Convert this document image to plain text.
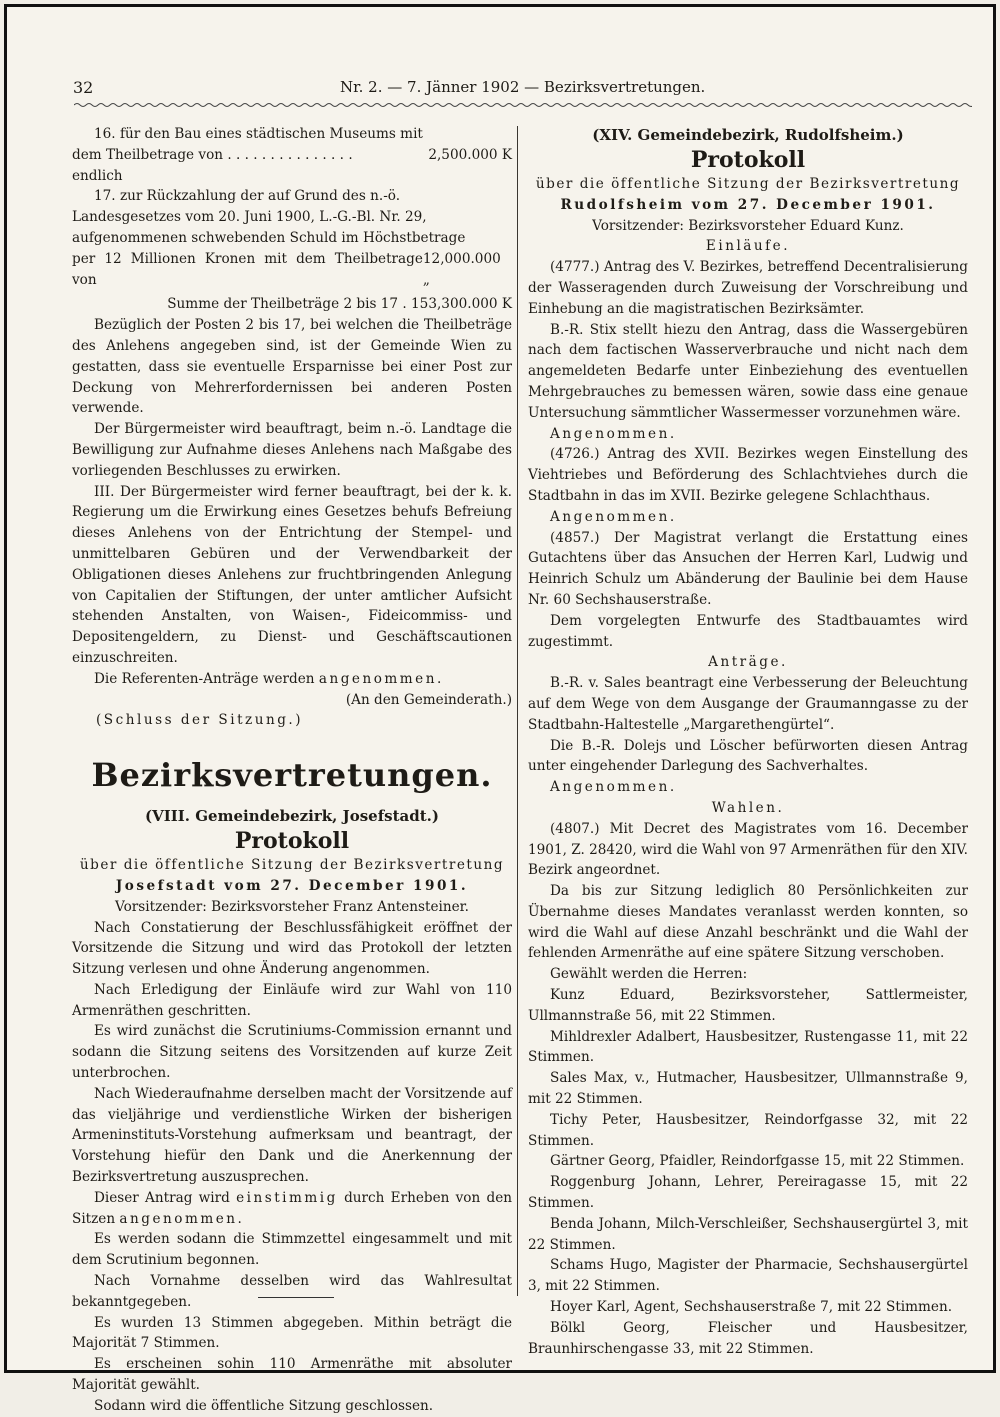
32	Nr. 2. — 7. Jänner 1902 — Bezirksvertretungen.

16. für den Bau eines städtischen Museums mit

dem Theilbetrage von . . . . . . . . . . . . . . .	2,500.000 K

endlich

17. zur Rückzahlung der auf Grund des n.-ö.

Landesgesetzes vom 20. Juni 1900, L.-G.-Bl. Nr. 29,

aufgenommenen schwebenden Schuld im Höchstbetrage

per 12 Millionen Kronen mit dem Theilbetrage von
12,000.000 „

Summe der Theilbeträge 2 bis 17 . 153,300.000 K

Bezüglich der Posten 2 bis 17, bei welchen die Theilbeträge des Anlehens angegeben sind, ist der Gemeinde Wien zu gestatten, dass sie eventuelle Ersparnisse bei einer Post zur Deckung von Mehrerfordernissen bei anderen Posten verwende.

Der Bürgermeister wird beauftragt, beim n.-ö. Landtage die Bewilligung zur Aufnahme dieses Anlehens nach Maßgabe des vorliegenden Beschlusses zu erwirken.

III. Der Bürgermeister wird ferner beauftragt, bei der k. k. Regierung um die Erwirkung eines Gesetzes behufs Befreiung dieses Anlehens von der Entrichtung der Stempel- und unmittelbaren Gebüren und der Verwendbarkeit der Obligationen dieses Anlehens zur fruchtbringenden Anlegung von Capitalien der Stiftungen, der unter amtlicher Aufsicht stehenden Anstalten, von Waisen-, Fideicommiss- und Depositengeldern, zu Dienst- und Geschäftscautionen einzuschreiten.

Die Referenten-Anträge werden angenommen.

(An den Gemeinderath.)

(Schluss der Sitzung.)

Bezirksvertretungen.
(VIII. Gemeindebezirk, Josefstadt.)
Protokoll

über die öffentliche Sitzung der Bezirksvertretung

Josefstadt vom 27. December 1901.

Vorsitzender: Bezirksvorsteher Franz Antensteiner.

Nach Constatierung der Beschlussfähigkeit eröffnet der Vorsitzende die Sitzung und wird das Protokoll der letzten Sitzung verlesen und ohne Änderung angenommen.

Nach Erledigung der Einläufe wird zur Wahl von 110 Armenräthen geschritten.

Es wird zunächst die Scrutiniums-Commission ernannt und sodann die Sitzung seitens des Vorsitzenden auf kurze Zeit unterbrochen.

Nach Wiederaufnahme derselben macht der Vorsitzende auf das vieljährige und verdienstliche Wirken der bisherigen Armeninstituts-Vorstehung aufmerksam und beantragt, der Vorstehung hiefür den Dank und die Anerkennung der Bezirksvertretung auszusprechen.

Dieser Antrag wird einstimmig durch Erheben von den Sitzen angenommen.

Es werden sodann die Stimmzettel eingesammelt und mit dem Scrutinium begonnen.

Nach Vornahme desselben wird das Wahlresultat bekanntgegeben.

Es wurden 13 Stimmen abgegeben. Mithin beträgt die Majorität 7 Stimmen.

Es erscheinen sohin 110 Armenräthe mit absoluter Majorität gewählt.

Sodann wird die öffentliche Sitzung geschlossen.

(XIV. Gemeindebezirk, Rudolfsheim.)
Protokoll

über die öffentliche Sitzung der Bezirksvertretung

Rudolfsheim vom 27. December 1901.

Vorsitzender: Bezirksvorsteher Eduard Kunz.

Einläufe.

(4777.) Antrag des V. Bezirkes, betreffend Decentralisierung der Wasseragenden durch Zuweisung der Vorschreibung und Einhebung an die magistratischen Bezirksämter.

B.-R. Stix stellt hiezu den Antrag, dass die Wassergebüren nach dem factischen Wasserverbrauche und nicht nach dem angemeldeten Bedarfe unter Einbeziehung des eventuellen Mehrgebrauches zu bemessen wären, sowie dass eine genaue Untersuchung sämmtlicher Wassermesser vorzunehmen wäre.

Angenommen.

(4726.) Antrag des XVII. Bezirkes wegen Einstellung des Viehtriebes und Beförderung des Schlachtviehes durch die Stadtbahn in das im XVII. Bezirke gelegene Schlachthaus.

Angenommen.

(4857.) Der Magistrat verlangt die Erstattung eines Gutachtens über das Ansuchen der Herren Karl, Ludwig und Heinrich Schulz um Abänderung der Baulinie bei dem Hause Nr. 60 Sechshauserstraße.

Dem vorgelegten Entwurfe des Stadtbauamtes wird zugestimmt.

Anträge.

B.-R. v. Sales beantragt eine Verbesserung der Beleuchtung auf dem Wege von dem Ausgange der Graumanngasse zu der Stadtbahn-Haltestelle „Margarethengürtel“.

Die B.-R. Dolejs und Löscher befürworten diesen Antrag unter eingehender Darlegung des Sachverhaltes.

Angenommen.

Wahlen.

(4807.) Mit Decret des Magistrates vom 16. December 1901, Z. 28420, wird die Wahl von 97 Armenräthen für den XIV. Bezirk angeordnet.

Da bis zur Sitzung lediglich 80 Persönlichkeiten zur Übernahme dieses Mandates veranlasst werden konnten, so wird die Wahl auf diese Anzahl beschränkt und die Wahl der fehlenden Armenräthe auf eine spätere Sitzung verschoben.

Gewählt werden die Herren:

Kunz Eduard, Bezirksvorsteher, Sattlermeister, Ullmannstraße 56, mit 22 Stimmen.

Mihldrexler Adalbert, Hausbesitzer, Rustengasse 11, mit 22 Stimmen.

Sales Max, v., Hutmacher, Hausbesitzer, Ullmannstraße 9, mit 22 Stimmen.

Tichy Peter, Hausbesitzer, Reindorfgasse 32, mit 22 Stimmen.

Gärtner Georg, Pfaidler, Reindorfgasse 15, mit 22 Stimmen.

Roggenburg Johann, Lehrer, Pereiragasse 15, mit 22 Stimmen.

Benda Johann, Milch-Verschleißer, Sechshausergürtel 3, mit 22 Stimmen.

Schams Hugo, Magister der Pharmacie, Sechshausergürtel 3, mit 22 Stimmen.

Hoyer Karl, Agent, Sechshauserstraße 7, mit 22 Stimmen.

Bölkl Georg, Fleischer und Hausbesitzer, Braunhirschengasse 33, mit 22 Stimmen.
